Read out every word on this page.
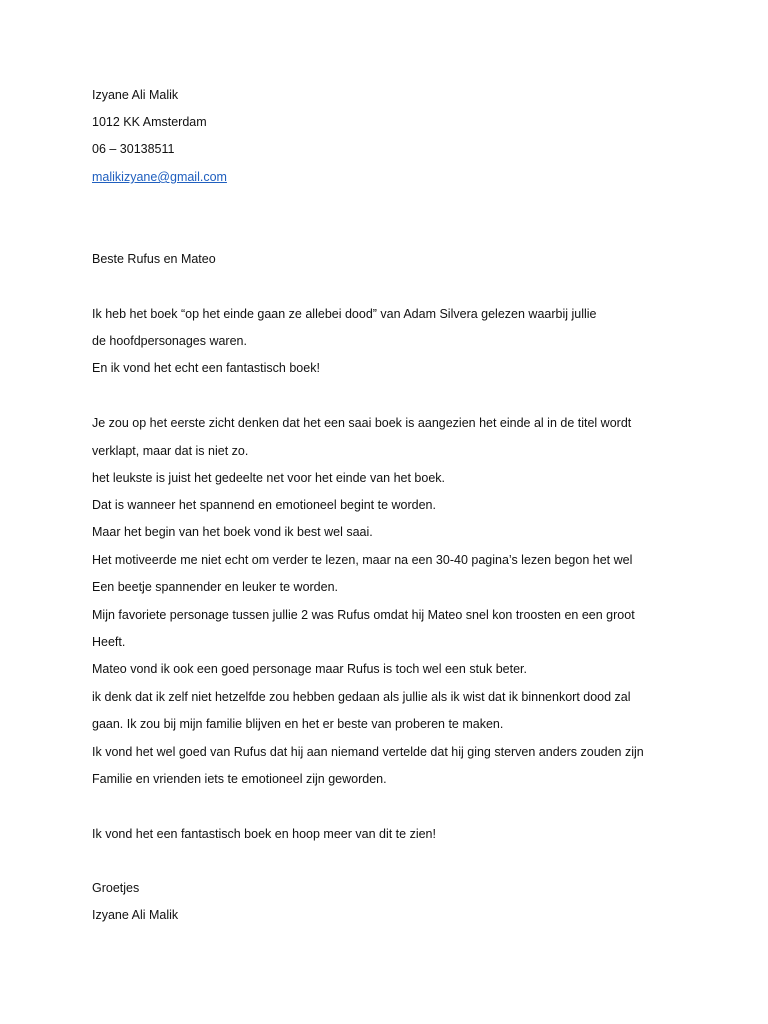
Izyane Ali Malik
1012 KK Amsterdam
06 – 30138511
malikizyane@gmail.com
Beste Rufus en Mateo
Ik heb het boek “op het einde gaan ze allebei dood” van Adam Silvera gelezen waarbij jullie
de hoofdpersonages waren.
En ik vond het echt een fantastisch boek!
Je zou op het eerste zicht denken dat het een saai boek is aangezien het einde al in de titel wordt
verklapt, maar dat is niet zo.
het leukste is juist het gedeelte net voor het einde van het boek.
Dat is wanneer het spannend en emotioneel begint te worden.
Maar het begin van het boek vond ik best wel saai.
Het motiveerde me niet echt om verder te lezen, maar na een 30-40 pagina’s lezen begon het wel
Een beetje spannender en leuker te worden.
Mijn favoriete personage tussen jullie 2 was Rufus omdat hij Mateo snel kon troosten en een groot
Heeft.
Mateo vond ik ook een goed personage maar Rufus is toch wel een stuk beter.
ik denk dat ik zelf niet hetzelfde zou hebben gedaan als jullie als ik wist dat ik binnenkort dood zal
gaan. Ik zou bij mijn familie blijven en het er beste van proberen te maken.
Ik vond het wel goed van Rufus dat hij aan niemand vertelde dat hij ging sterven anders zouden zijn
Familie en vrienden iets te emotioneel zijn geworden.
Ik vond het een fantastisch boek en hoop meer van dit te zien!
Groetjes
Izyane Ali Malik
